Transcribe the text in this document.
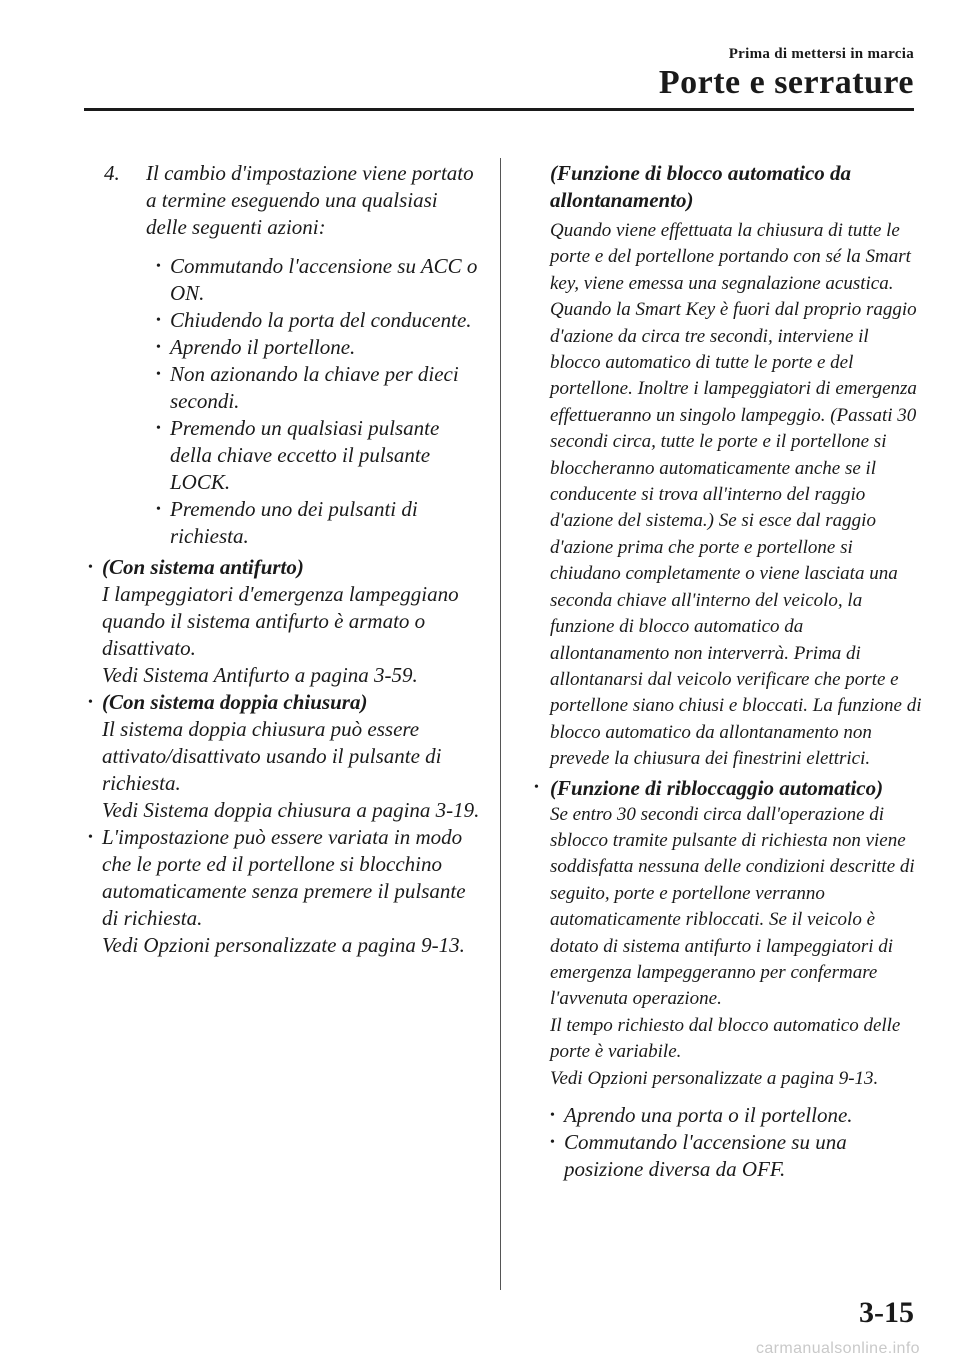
Prima di mettersi in marcia
Porte e serrature
4. Il cambio d'impostazione viene portato a termine eseguendo una qualsiasi delle seguenti azioni:
• Commutando l'accensione su ACC o ON.
• Chiudendo la porta del conducente.
• Aprendo il portellone.
• Non azionando la chiave per dieci secondi.
• Premendo un qualsiasi pulsante della chiave eccetto il pulsante LOCK.
• Premendo uno dei pulsanti di richiesta.
• (Con sistema antifurto)
I lampeggiatori d'emergenza lampeggiano quando il sistema antifurto è armato o disattivato.
Vedi Sistema Antifurto a pagina 3-59.
• (Con sistema doppia chiusura)
Il sistema doppia chiusura può essere attivato/disattivato usando il pulsante di richiesta.
Vedi Sistema doppia chiusura a pagina 3-19.
• L'impostazione può essere variata in modo che le porte ed il portellone si blocchino automaticamente senza premere il pulsante di richiesta.
Vedi Opzioni personalizzate a pagina 9-13.
(Funzione di blocco automatico da allontanamento)
Quando viene effettuata la chiusura di tutte le porte e del portellone portando con sé la Smart key, viene emessa una segnalazione acustica. Quando la Smart Key è fuori dal proprio raggio d'azione da circa tre secondi, interviene il blocco automatico di tutte le porte e del portellone. Inoltre i lampeggiatori di emergenza effettueranno un singolo lampeggio. (Passati 30 secondi circa, tutte le porte e il portellone si bloccheranno automaticamente anche se il conducente si trova all'interno del raggio d'azione del sistema.) Se si esce dal raggio d'azione prima che porte e portellone si chiudano completamente o viene lasciata una seconda chiave all'interno del veicolo, la funzione di blocco automatico da allontanamento non interverrà. Prima di allontanarsi dal veicolo verificare che porte e portellone siano chiusi e bloccati. La funzione di blocco automatico da allontanamento non prevede la chiusura dei finestrini elettrici.
• (Funzione di ribloccaggio automatico)
Se entro 30 secondi circa dall'operazione di sblocco tramite pulsante di richiesta non viene soddisfatta nessuna delle condizioni descritte di seguito, porte e portellone verranno automaticamente ribloccati. Se il veicolo è dotato di sistema antifurto i lampeggiatori di emergenza lampeggeranno per confermare l'avvenuta operazione.
Il tempo richiesto dal blocco automatico delle porte è variabile.
Vedi Opzioni personalizzate a pagina 9-13.
• Aprendo una porta o il portellone.
• Commutando l'accensione su una posizione diversa da OFF.
3-15
carmanualsonline.info
